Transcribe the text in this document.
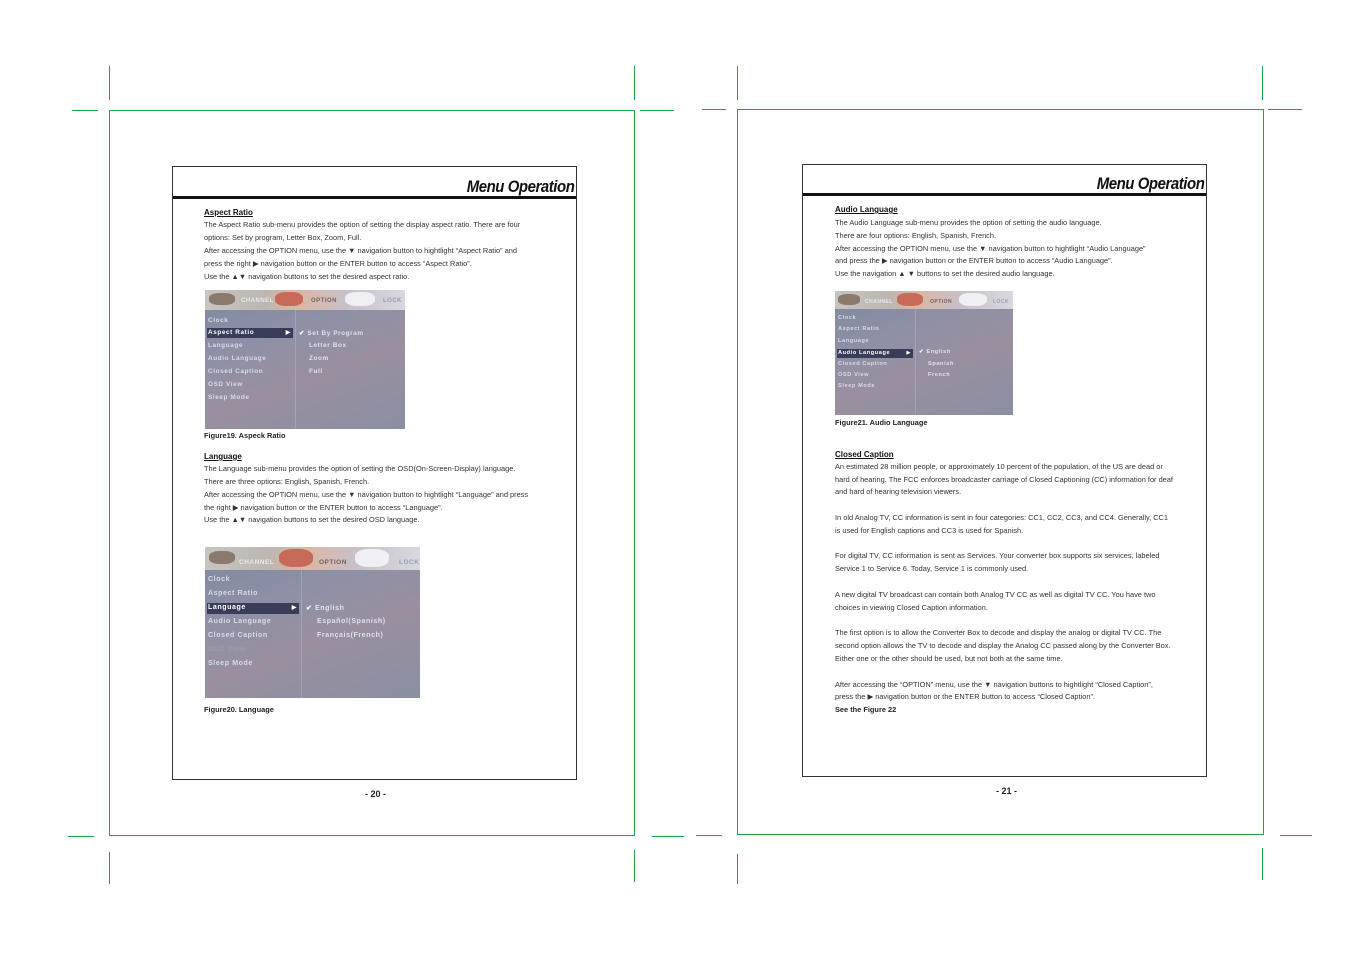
Menu Operation
Aspect Ratio
The Aspect Ratio sub-menu provides the option of setting the display aspect ratio. There are four
options: Set by program, Letter Box, Zoom, Full.
After accessing the OPTION menu, use the ▼ navigation button to hightlight “Aspect Ratio” and
press the right ▶ navigation button or the ENTER button to access “Aspect Ratio”.
Use the ▲▼ navigation buttons to set the desired aspect ratio.
CHANNEL	OPTION	LOCK
Clock
Aspect Ratio	▶
Language
Audio Language
Closed Caption
OSD View
Sleep Mode
✔ Set By Program
Letter Box
Zoom
Full
Figure19. Aspeck Ratio
Language
The Language sub-menu provides the option of setting the OSD(On-Screen-Display) language.
There are three options: English, Spanish, French.
After accessing the OPTION menu, use the ▼ navigation button to hightlight “Language” and press
the right ▶ navigation button or the ENTER button to access “Language”.
Use the ▲▼ navigation buttons to set the desired OSD language.
CHANNEL	OPTION	LOCK
Clock
Aspect Ratio
Language	▶
Audio Language
Closed Caption
OSD View
Sleep Mode
✔ English
Español(Spanish)
Français(French)
Figure20. Language
- 20 -
Menu Operation
Audio Language
The Audio Language sub-menu provides the option of setting the audio language.
There are four options: English, Spanish, French.
After accessing the OPTION menu, use the ▼ navigation button to hightlight “Audio Language”
and press the ▶ navigation button or the ENTER button to access “Audio Language”.
Use the navigation ▲ ▼ buttons to set the desired audio language.
CHANNEL	OPTION	LOCK
Clock
Aspect Ratio
Language
Audio Language	▶
Closed Caption
OSD View
Sleep Mode
✔ English
Spanish
French
Figure21. Audio Language
Closed Caption
An estimated 28 million people, or approximately 10 percent of the population, of the US are dead or
hard of hearing. The FCC enforces broadcaster carriage of Closed Captioning (CC) information for deaf
and hard of hearing television viewers.
In old Analog TV, CC information is sent in four categories: CC1, CC2, CC3, and CC4. Generally, CC1
is used for English captions and CC3 is used for Spanish.
For digital TV, CC information is sent as Services. Your converter box supports six services, labeled
Service 1 to Service 6. Today, Service 1 is commonly used.
A new digital TV broadcast can contain both Analog TV CC as well as digital TV CC. You have two
choices in viewing Closed Caption information.
The first option is to allow the Converter Box to decode and display the analog or digital TV CC. The
second option allows the TV to decode and display the Analog CC passed along by the Converter Box.
Either one or the other should be used, but not both at the same time.
After accessing the “OPTION” menu, use the ▼ navigation buttons to hightlight “Closed Caption”,
press the ▶ navigation button or the ENTER button to access “Closed Caption”.
See the Figure 22
- 21 -
